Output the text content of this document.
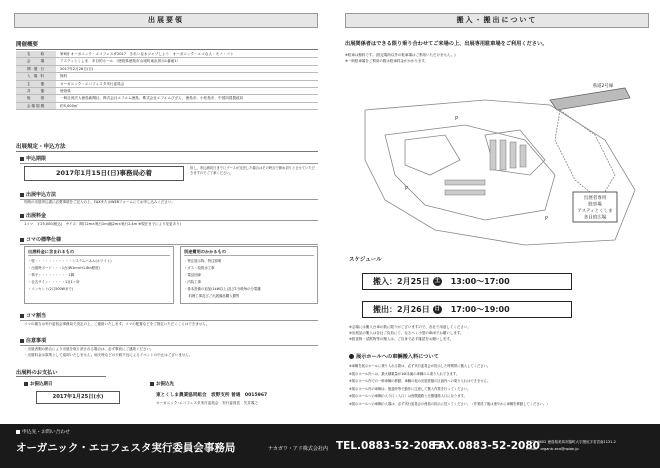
出展要領
開催概要
名　　称	第6回 オーガニック・エコフェスタ2017　きれいな水ジャブしよう　オーガニック・エコな人・モノ・コト
会　　場	アスティとくしま　多目的ホール （徳島県徳島市山城町東浜傍示1番地1）
開 催 日	2017年2月26日(日)
入 場 料	無料
主　　催	オーガニック・エコフェスタ実行委員会
共　　催	徳島県
後　　援	一般社団法人徳島新聞社、株式会社エフエム徳島、株式会社エフエムびざん、徳島市、小松島市、中国四国農政局
会場規模	約5,000㎡
出展規定・申込方法
申込期限
2017年1月15日(日)事務局必着
但し、申込締切日までにブースが完売した場合はその時点で締め切りとさせていただきますのでご了承ください。
出展申込方法
別紙の出展申込書に必要事項をご記入の上、FAXまたはWEBフォームにてお申し込みください。
出展料金
1コマ　￥25,000(税込)　サイズ：間口2m×奥行2m(幅2m×奥行2.4m ※現在までにより変更あり)
コマの標準仕様
出展料金に含まれるもの
・壁・・・・・・・・・・・システムパネル(ホワイト)
・出展時ボード・・・1台(W1m×H1.8m程度)
・椅子・・・・・・・・・1脚
・社名サイン・・・・・1社1ヶ所
・コンセント(2口500Wまで)
別途費用のかかるもの
・特注展示物、特注照明
・ガス・給排水工事
・電話回線
・内装工事
・基本設備の追加(1kW以上)及び1分岐毎の分電盤
　 料理工事及びご出展備品購入費等
コマ割当
コマの割当は実行委員会事務局で決定の上、ご連絡いたします。コマの配置などをご指定いただくことはできません。
注意事項
・出展者側の都合により出展を取り消される場合は、必ず事前にご連絡ください。
・出展料金は原則として返却いたしません。雨天時などの天候不良によるイベントの中止はございません。
出展料のお支払い
お振込期日
2017年1月25日(水)
お振込先
東とくしま農業協同組合　坂野支所 普通　0015967
オーガニック･エコフェスタ実行委員会　実行委員長　矢井義之
搬入・搬出について
出展関係者はできる限り乗り合わせてご来場の上、出展専用駐車場をご利用ください。
※駐車は無料です。(指定場所以外の駐車場はご利用いただけません。)
※一般駐車場をご利用の際は駐車料金がかかります。
県道2号線
出展者専用
駐車場
アスティとくしま
多目的広場
P
P
P
スケジュール
搬入：2月25日 土 13:00〜17:00
搬出：2月26日 日 17:00〜19:00
※会場には搬入台車の数に限りがございますので、各社で用意してください。
※出展品の搬入は各社ご負担にて、なるべく小型の車両でお願いします。
※飲食物・試飲物等の搬入は、ご自身で必ず確認をお願いします。
展示ホールへの車輌搬入料について
※車輌を展示ホールに乗り入れる際は、必ず実行委員会が指示した時間帯に搬入してください。
※展示ホール内へは、最大積載量が10t未満の車輌のみ乗り入れできます。
※展示ホール内での一般車輌の移動、車輌の他の出展者様の区画内への乗り入れはできません。
※展示ホール内の車輌は、後退時等で動作に注意して搬入作業を行ってください。
※展示ホールへの車輌の入り口（入口）は西側通路と北側通路入口になります。
※展示ホールへの車輌の入場は、必ず実行委員会の係員の指示に従ってください。（作業終了後は速やかに車輌を移動してください。）
申込先・お問い合わせ
オーガニック・エコフェスタ実行委員会事務局	ナカガワ・アド株式会社内 TEL.0883-52-2083
FAX.0883-52-2080
〒779-3602 徳島県美馬市脇町大字猪尻字若宮南1131-2
E-mail　organic-eco@npian.jp
